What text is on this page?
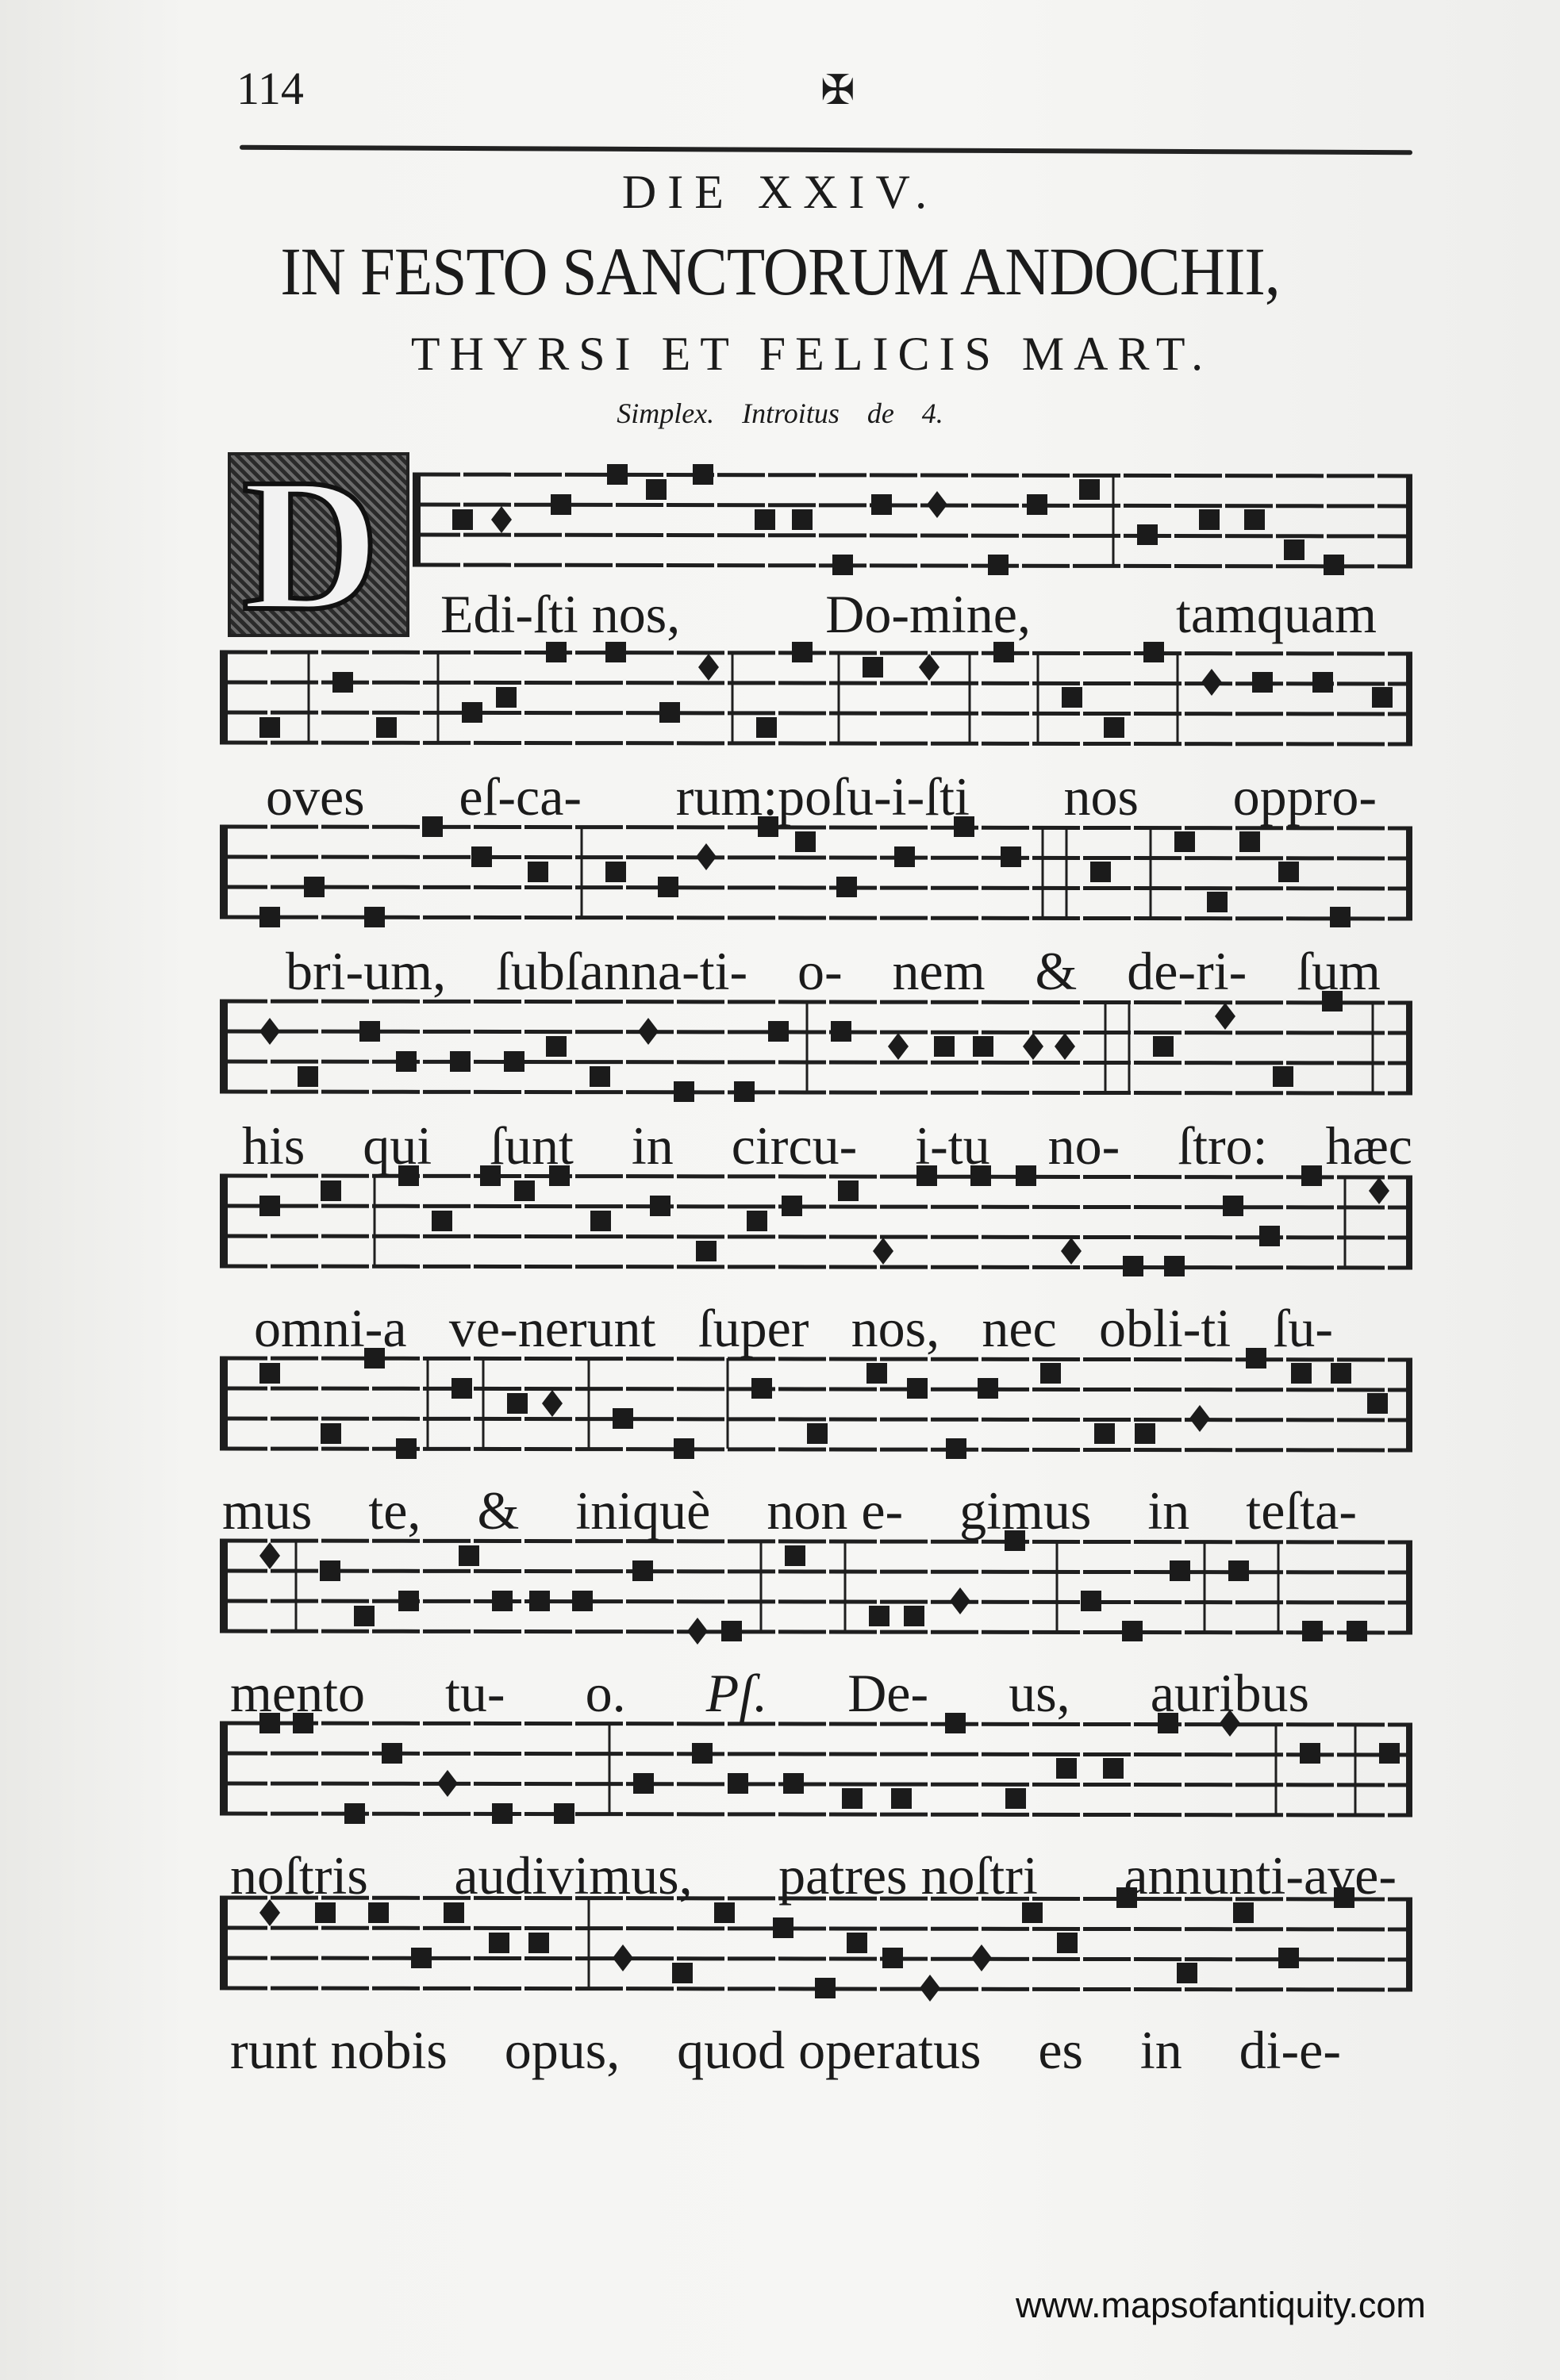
114	✠
DIE XXIV.
IN FESTO SANCTORUM ANDOCHII,
THYRSI ET FELICIS MART.
Simplex. Introitus de 4.
D Edi-ſti nos,	Do-mine,	tamquam
oves eſ-ca- rum:poſu-i-ſti nos oppro-
bri-um, ſubſanna-ti- o- nem & de-ri- ſum
his qui ſunt in circu- i-tu no- ſtro: hæc
omni-a ve-nerunt ſuper nos, nec obli-ti ſu-
mus te, & iniquè non e- gimus in teſta-
mento tu- o. Pſ. De- us, auribus
noſtris audivimus, patres noſtri annunti-ave-
runt nobis opus, quod operatus es in di-e-
www.mapsofantiquity.com
